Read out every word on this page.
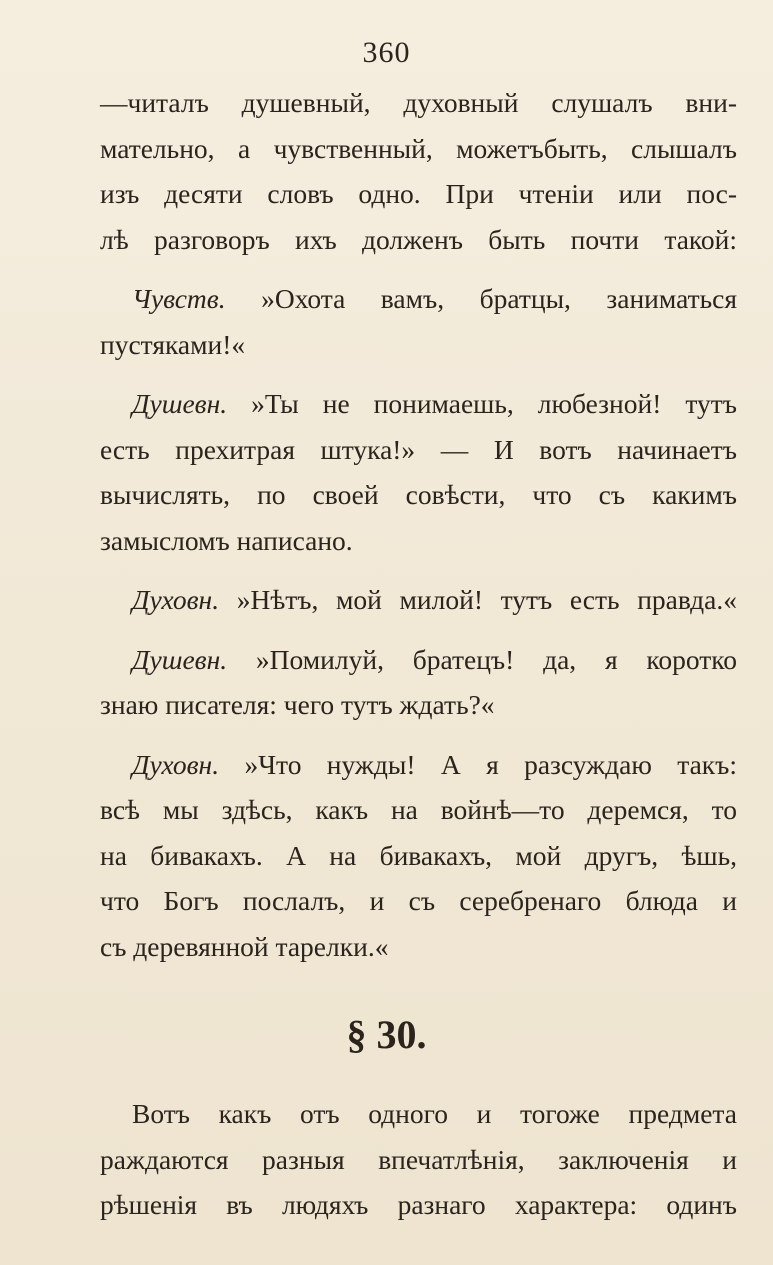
360
—читалъ душевный, духовный слушалъ вни-
мательно, а чувственный, можетъбыть, слышалъ
изъ десяти словъ одно. При чтеніи или пос-
лѣ разговоръ ихъ долженъ быть почти такой:
Чувств. »Охота вамъ, братцы, заниматься
пустяками!«
Душевн. »Ты не понимаешь, любезной! тутъ
есть прехитрая штука!» — И вотъ начинаетъ
вычислять, по своей совѣсти, что съ какимъ
замысломъ написано.
Духовн. »Нѣтъ, мой милой! тутъ есть правда.«
Душевн. »Помилуй, братецъ! да, я коротко
знаю писателя: чего тутъ ждать?«
Духовн. »Что нужды! А я разсуждаю такъ:
всѣ мы здѣсь, какъ на войнѣ—то деремся, то
на бивакахъ. А на бивакахъ, мой другъ, ѣшь,
что Богъ послалъ, и съ серебренаго блюда и
съ деревянной тарелки.«
§ 30.
Вотъ какъ отъ одного и тогоже предмета
раждаются разныя впечатлѣнія, заключенія и
рѣшенія въ людяхъ разнаго характера: одинъ
